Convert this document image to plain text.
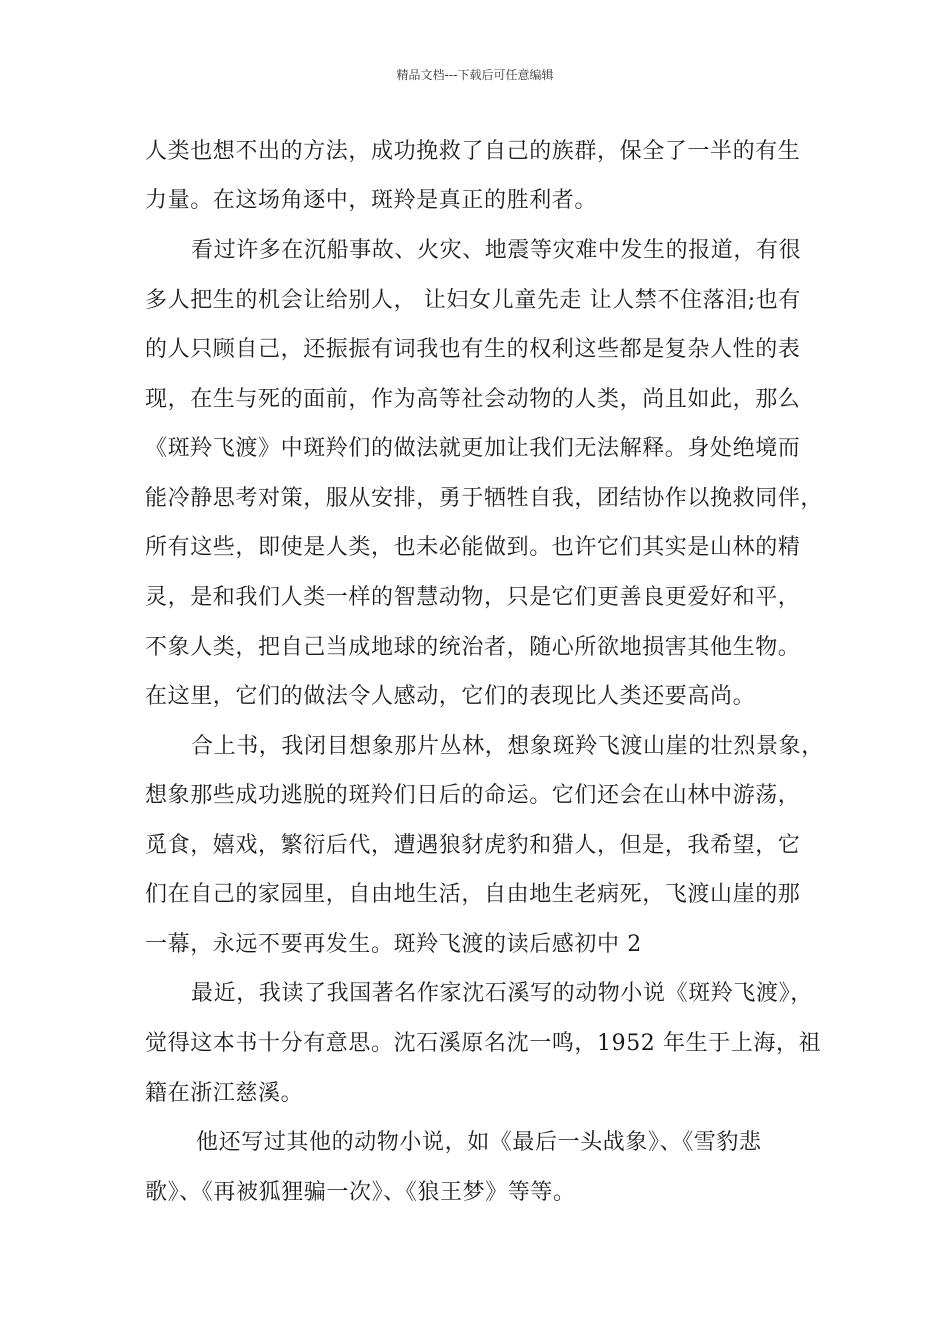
精品文档---下载后可任意编辑
人类也想不出的方法，成功挽救了自己的族群，保全了一半的有生
力量。在这场角逐中，斑羚是真正的胜利者。
看过许多在沉船事故、火灾、地震等灾难中发生的报道，有很
多人把生的机会让给别人， 让妇女儿童先走 让人禁不住落泪;也有
的人只顾自己，还振振有词我也有生的权利这些都是复杂人性的表
现，在生与死的面前，作为高等社会动物的人类，尚且如此，那么
《斑羚飞渡》中斑羚们的做法就更加让我们无法解释。身处绝境而
能冷静思考对策，服从安排，勇于牺牲自我，团结协作以挽救同伴，
所有这些，即使是人类，也未必能做到。也许它们其实是山林的精
灵，是和我们人类一样的智慧动物，只是它们更善良更爱好和平，
不象人类，把自己当成地球的统治者，随心所欲地损害其他生物。
在这里，它们的做法令人感动，它们的表现比人类还要高尚。
合上书，我闭目想象那片丛林，想象斑羚飞渡山崖的壮烈景象，
想象那些成功逃脱的斑羚们日后的命运。它们还会在山林中游荡，
觅食，嬉戏，繁衍后代，遭遇狼豺虎豹和猎人，但是，我希望，它
们在自己的家园里，自由地生活，自由地生老病死，飞渡山崖的那
一幕，永远不要再发生。斑羚飞渡的读后感初中 2
最近，我读了我国著名作家沈石溪写的动物小说《斑羚飞渡》，
觉得这本书十分有意思。沈石溪原名沈一鸣，1952 年生于上海，祖
籍在浙江慈溪。
他还写过其他的动物小说，如《最后一头战象》、《雪豹悲
歌》、《再被狐狸骗一次》、《狼王梦》等等。
